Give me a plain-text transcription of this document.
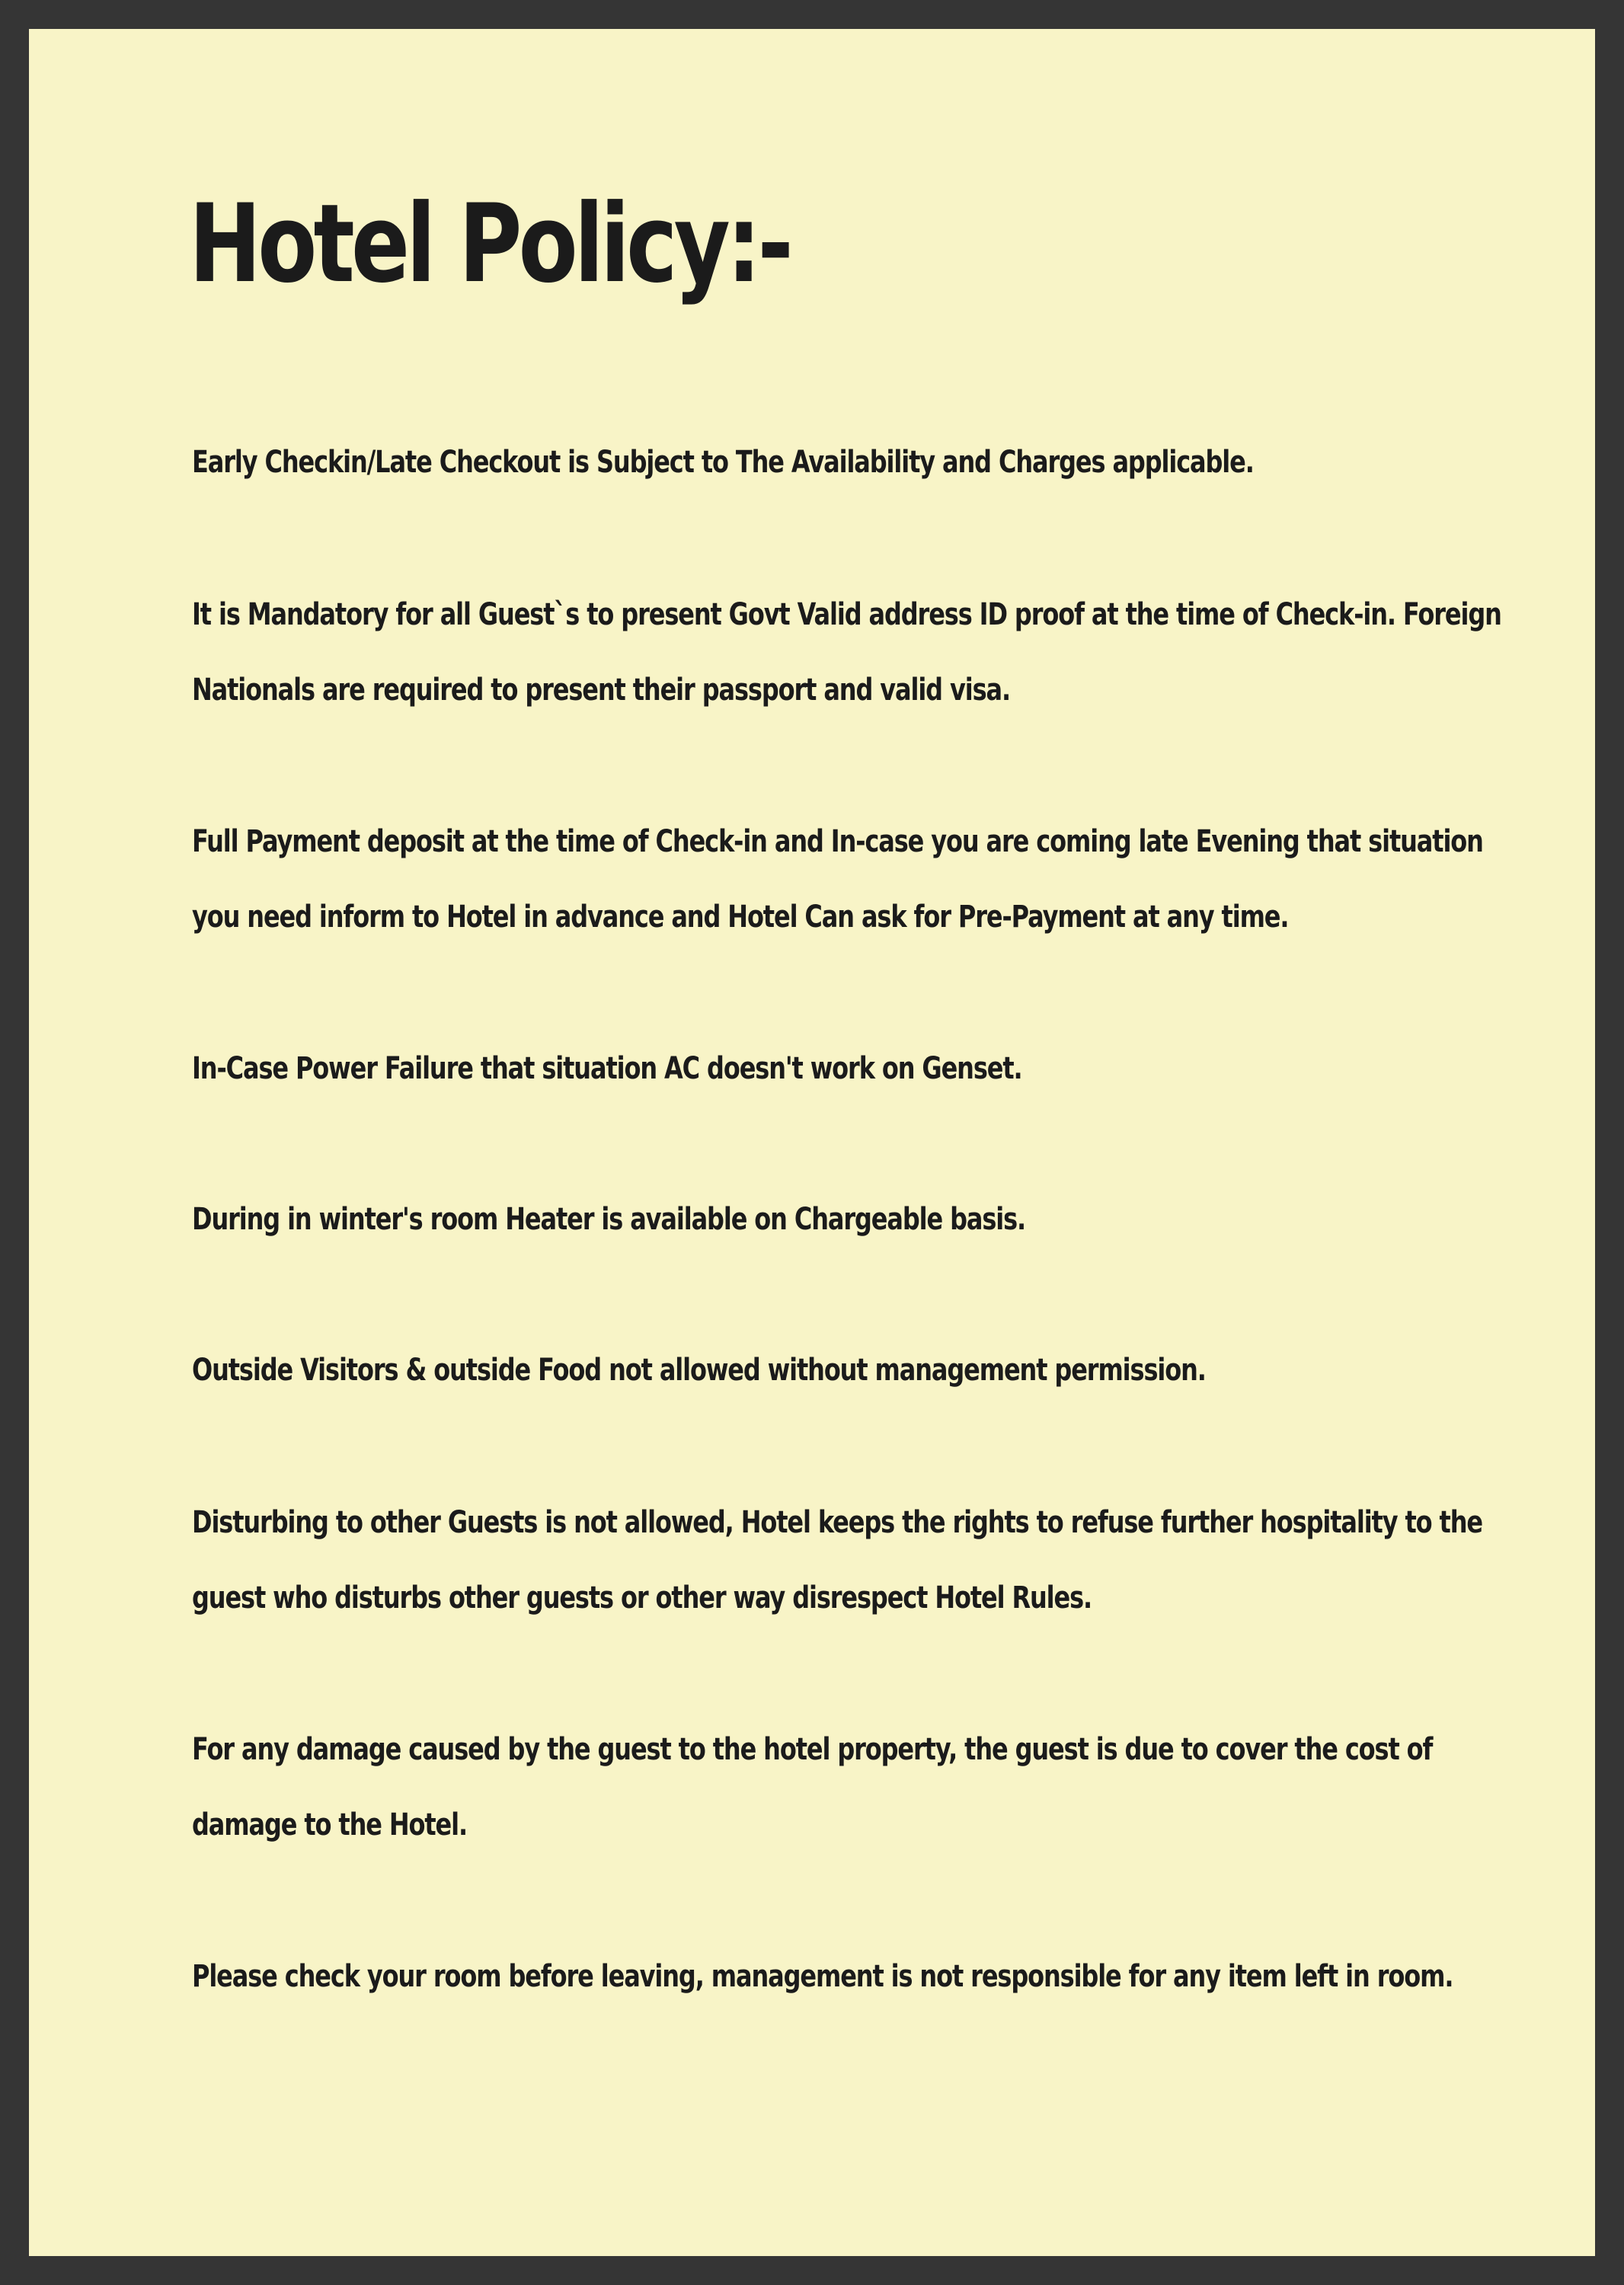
Hotel Policy:-

Early Checkin/Late Checkout is Subject to The Availability and Charges applicable.

It is Mandatory for all Guest`s to present Govt Valid address ID proof at the time of Check-in. Foreign Nationals are required to present their passport and valid visa.

Full Payment deposit at the time of Check-in and In-case you are coming late Evening that situation you need inform to Hotel in advance and Hotel Can ask for Pre-Payment at any time.

In-Case Power Failure that situation AC doesn't work on Genset.

During in winter's room Heater is available on Chargeable basis.

Outside Visitors & outside Food not allowed without management permission.

Disturbing to other Guests is not allowed, Hotel keeps the rights to refuse further hospitality to the guest who disturbs other guests or other way disrespect Hotel Rules.

For any damage caused by the guest to the hotel property, the guest is due to cover the cost of damage to the Hotel.

Please check your room before leaving, management is not responsible for any item left in room.
